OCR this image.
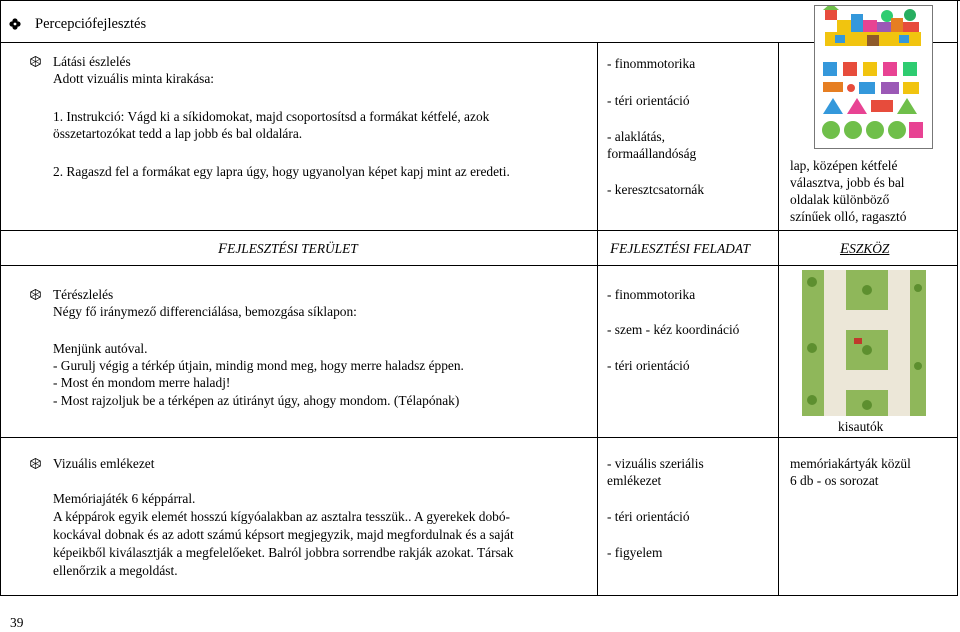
Percepciófejlesztés
Látási észlelés
Adott vizuális minta kirakása:
1. Instrukció: Vágd ki a síkidomokat, majd csoportosítsd a formákat kétfelé, azok
összetartozókat tedd a lap jobb és bal oldalára.
2. Ragaszd fel a formákat egy lapra úgy, hogy ugyanolyan képet kapj mint az eredeti.
- finommotorika
- téri orientáció
- alaklátás,
formaállandóság
- keresztcsatornák
lap, középen kétfelé
választva, jobb és bal
oldalak különböző
színűek olló, ragasztó
FEJLESZTÉSI TERÜLET	FEJLESZTÉSI FELADAT	ESZKÖZ
Térészlelés
Négy fő iránymező differenciálása, bemozgása síklapon:
Menjünk autóval.
- Gurulj végig a térkép útjain, mindig mond meg, hogy merre haladsz éppen.
- Most én mondom merre haladj!
- Most rajzoljuk be a térképen az útirányt úgy, ahogy mondom. (Télapónak)
- finommotorika
- szem - kéz koordináció
- téri orientáció
kisautók
Vizuális emlékezet
Memóriajáték 6 képpárral.
A képpárok egyik elemét hosszú kígyóalakban az asztalra tesszük.. A gyerekek dobó-
kockával dobnak és az adott számú képsort megjegyzik, majd megfordulnak és a saját
képeikből kiválasztják a megfelelőeket. Balról jobbra sorrendbe rakják azokat. Társak
ellenőrzik a megoldást.
- vizuális szeriális
emlékezet
- téri orientáció
- figyelem
memóriakártyák közül
6 db - os sorozat
39
